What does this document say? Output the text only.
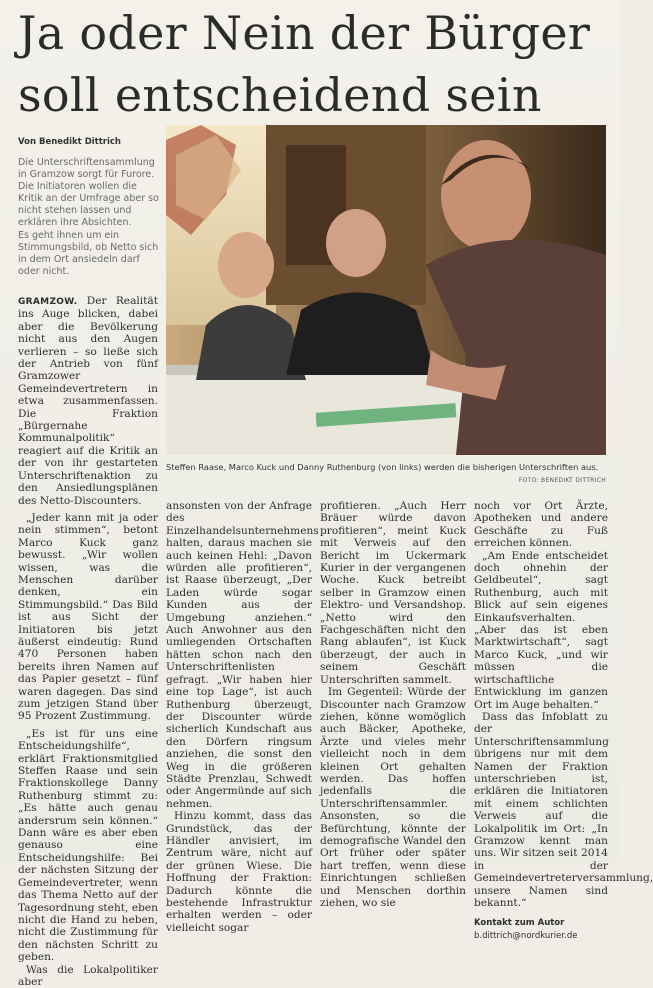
Ja oder Nein der Bürger
soll entscheidend sein
Von Benedikt Dittrich

Die Unterschriftensammlung in Gramzow sorgt für Furore. Die Initiatoren wollen die Kritik an der Umfrage aber so nicht stehen lassen und erklären ihre Absichten.

Es geht ihnen um ein Stimmungsbild, ob Netto sich in dem Ort ansiedeln darf oder nicht.

Steffen Raase, Marco Kuck und Danny Ruthenburg (von links) werden die bisherigen Unterschriften aus.
FOTO: BENEDIKT DITTRICH

GRAMZOW. Der Realität ins Auge blicken, dabei aber die Bevölkerung nicht aus den Augen verlieren – so ließe sich der Antrieb von fünf Gramzower Gemeindevertretern in etwa zusammenfassen. Die Fraktion „Bürgernahe Kommunalpolitik“ reagiert auf die Kritik an der von ihr gestarteten Unterschriftenaktion zu den Ansiedlungsplänen des Netto-Discounters.

„Jeder kann mit ja oder nein stimmen“, betont Marco Kuck ganz bewusst. „Wir wollen wissen, was die Menschen darüber denken, ein Stimmungsbild.“ Das Bild ist aus Sicht der Initiatoren bis jetzt äußerst eindeutig: Rund 470 Personen haben bereits ihren Namen auf das Papier gesetzt – fünf waren dagegen. Das sind zum jetzigen Stand über 95 Prozent Zustimmung.

„Es ist für uns eine Entscheidungshilfe“, erklärt Fraktionsmitglied Steffen Raase und sein Fraktionskollege Danny Ruthenburg stimmt zu: „Es hätte auch genau andersrum sein können.“ Dann wäre es aber eben genauso eine Entscheidungshilfe: Bei der nächsten Sitzung der Gemeindevertreter, wenn das Thema Netto auf der Tagesordnung steht, eben nicht die Hand zu heben, nicht die Zustimmung für den nächsten Schritt zu geben.

Was die Lokalpolitiker aber

ansonsten von der Anfrage des Einzelhandelsunternehmens halten, daraus machen sie auch keinen Hehl: „Davon würden alle profitieren“, ist Raase überzeugt, „Der Laden würde sogar Kunden aus der Umgebung anziehen.“ Auch Anwohner aus den umliegenden Ortschaften hätten schon nach den Unterschriftenlisten gefragt. „Wir haben hier eine top Lage“, ist auch Ruthenburg überzeugt, der Discounter würde sicherlich Kundschaft aus den Dörfern ringsum anziehen, die sonst den Weg in die größeren Städte Prenzlau, Schwedt oder Angermünde auf sich nehmen.

Hinzu kommt, dass das Grundstück, das der Händler anvisiert, im Zentrum wäre, nicht auf der grünen Wiese. Die Hoffnung der Fraktion: Dadurch könnte die bestehende Infrastruktur erhalten werden – oder vielleicht sogar

profitieren. „Auch Herr Bräuer würde davon profitieren“, meint Kuck mit Verweis auf den Bericht im Uckermark Kurier in der vergangenen Woche. Kuck betreibt selber in Gramzow einen Elektro- und Versandshop. „Netto wird den Fachgeschäften nicht den Rang ablaufen“, ist Kuck überzeugt, der auch in seinem Geschäft Unterschriften sammelt.

Im Gegenteil: Würde der Discounter nach Gramzow ziehen, könne womöglich auch Bäcker, Apotheke, Ärzte und vieles mehr vielleicht noch in dem kleinen Ort gehalten werden. Das hoffen jedenfalls die Unterschriftensammler. Ansonsten, so die Befürchtung, könnte der demografische Wandel den Ort früher oder später hart treffen, wenn diese Einrichtungen schließen und Menschen dorthin ziehen, wo sie

noch vor Ort Ärzte, Apotheken und andere Geschäfte zu Fuß erreichen können.

„Am Ende entscheidet doch ohnehin der Geldbeutel“, sagt Ruthenburg, auch mit Blick auf sein eigenes Einkaufsverhalten. „Aber das ist eben Marktwirtschaft“, sagt Marco Kuck, „und wir müssen die wirtschaftliche Entwicklung im ganzen Ort im Auge behalten.“

Dass das Infoblatt zu der Unterschriftensammlung übrigens nur mit dem Namen der Fraktion unterschrieben ist, erklären die Initiatoren mit einem schlichten Verweis auf die Lokalpolitik im Ort: „In Gramzow kennt man uns. Wir sitzen seit 2014 in der Gemeindevertreterversammlung, unsere Namen sind bekannt.“

Kontakt zum Autor
b.dittrich@nordkurier.de
